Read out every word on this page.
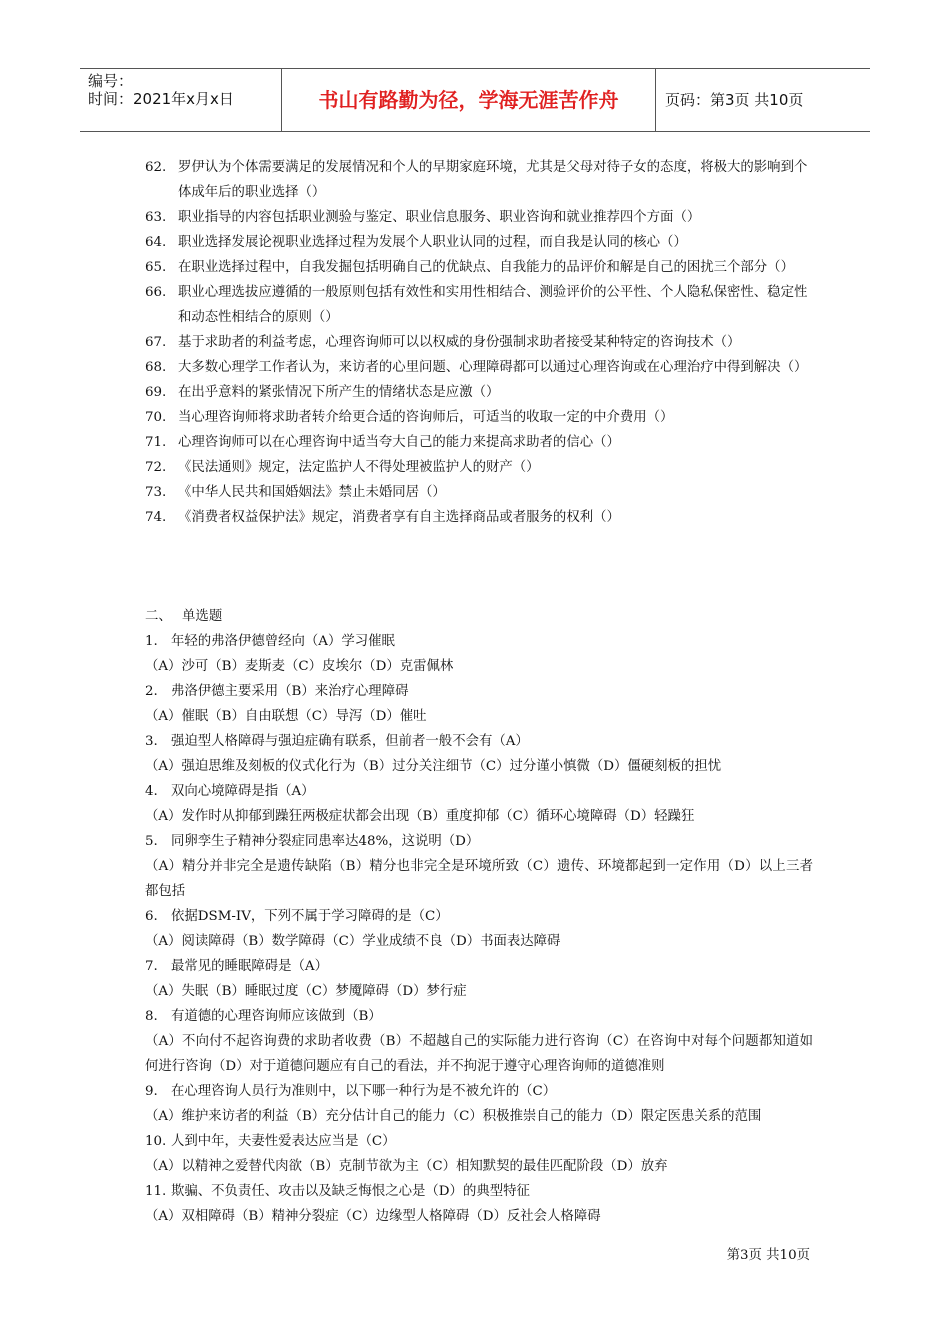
编号：
时间：2021年x月x日	书山有路勤为径，学海无涯苦作舟	页码：第3页 共10页
62. 罗伊认为个体需要满足的发展情况和个人的早期家庭环境，尤其是父母对待子女的态度，将极大的影响到个体成年后的职业选择（）
63. 职业指导的内容包括职业测验与鉴定、职业信息服务、职业咨询和就业推荐四个方面（）
64. 职业选择发展论视职业选择过程为发展个人职业认同的过程，而自我是认同的核心（）
65. 在职业选择过程中，自我发掘包括明确自己的优缺点、自我能力的品评价和解是自己的困扰三个部分（）
66. 职业心理选拔应遵循的一般原则包括有效性和实用性相结合、测验评价的公平性、个人隐私保密性、稳定性和动态性相结合的原则（）
67. 基于求助者的利益考虑，心理咨询师可以以权威的身份强制求助者接受某种特定的咨询技术（）
68. 大多数心理学工作者认为，来访者的心里问题、心理障碍都可以通过心理咨询或在心理治疗中得到解决（）
69. 在出乎意料的紧张情况下所产生的情绪状态是应激（）
70. 当心理咨询师将求助者转介给更合适的咨询师后，可适当的收取一定的中介费用（）
71. 心理咨询师可以在心理咨询中适当夸大自己的能力来提高求助者的信心（）
72. 《民法通则》规定，法定监护人不得处理被监护人的财产（）
73. 《中华人民共和国婚姻法》禁止未婚同居（）
74. 《消费者权益保护法》规定，消费者享有自主选择商品或者服务的权利（）
二、 单选题
1. 年轻的弗洛伊德曾经向（A）学习催眠
（A）沙可（B）麦斯麦（C）皮埃尔（D）克雷佩林
2. 弗洛伊德主要采用（B）来治疗心理障碍
（A）催眠（B）自由联想（C）导泻（D）催吐
3. 强迫型人格障碍与强迫症确有联系，但前者一般不会有（A）
（A）强迫思维及刻板的仪式化行为（B）过分关注细节（C）过分谨小慎微（D）僵硬刻板的担忧
4. 双向心境障碍是指（A）
（A）发作时从抑郁到躁狂两极症状都会出现（B）重度抑郁（C）循环心境障碍（D）轻躁狂
5. 同卵孪生子精神分裂症同患率达48%，这说明（D）
（A）精分并非完全是遗传缺陷（B）精分也非完全是环境所致（C）遗传、环境都起到一定作用（D）以上三者都包括
6. 依据DSM-IV，下列不属于学习障碍的是（C）
（A）阅读障碍（B）数学障碍（C）学业成绩不良（D）书面表达障碍
7. 最常见的睡眠障碍是（A）
（A）失眠（B）睡眠过度（C）梦魇障碍（D）梦行症
8. 有道德的心理咨询师应该做到（B）
（A）不向付不起咨询费的求助者收费（B）不超越自己的实际能力进行咨询（C）在咨询中对每个问题都知道如何进行咨询（D）对于道德问题应有自己的看法，并不拘泥于遵守心理咨询师的道德准则
9. 在心理咨询人员行为准则中，以下哪一种行为是不被允许的（C）
（A）维护来访者的利益（B）充分估计自己的能力（C）积极推崇自己的能力（D）限定医患关系的范围
10. 人到中年，夫妻性爱表达应当是（C）
（A）以精神之爱替代肉欲（B）克制节欲为主（C）相知默契的最佳匹配阶段（D）放弃
11. 欺骗、不负责任、攻击以及缺乏悔恨之心是（D）的典型特征
（A）双相障碍（B）精神分裂症（C）边缘型人格障碍（D）反社会人格障碍
第3页 共10页
